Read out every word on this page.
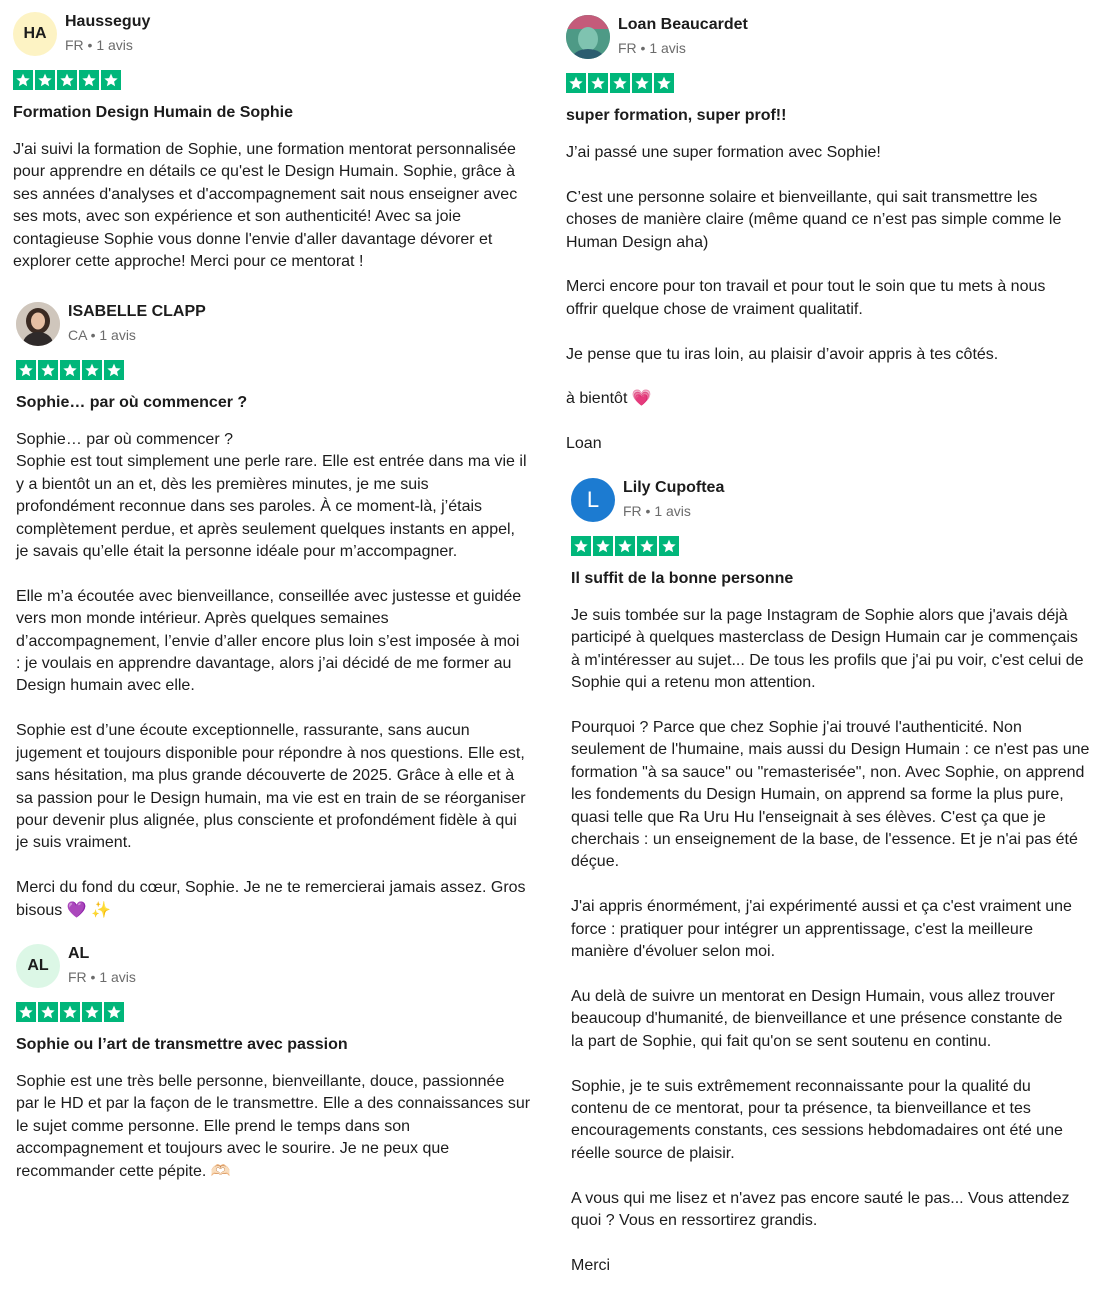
HA
Hausseguy
FR • 1 avis
Formation Design Humain de Sophie
J'ai suivi la formation de Sophie, une formation mentorat personnalisée
pour apprendre en détails ce qu'est le Design Humain. Sophie, grâce à
ses années d'analyses et d'accompagnement sait nous enseigner avec
ses mots, avec son expérience et son authenticité! Avec sa joie
contagieuse Sophie vous donne l'envie d'aller davantage dévorer et
explorer cette approche! Merci pour ce mentorat !
ISABELLE CLAPP
CA • 1 avis
Sophie… par où commencer ?
Sophie… par où commencer ?
Sophie est tout simplement une perle rare. Elle est entrée dans ma vie il
y a bientôt un an et, dès les premières minutes, je me suis
profondément reconnue dans ses paroles. À ce moment-là, j’étais
complètement perdue, et après seulement quelques instants en appel,
je savais qu’elle était la personne idéale pour m’accompagner.

Elle m’a écoutée avec bienveillance, conseillée avec justesse et guidée
vers mon monde intérieur. Après quelques semaines
d’accompagnement, l’envie d’aller encore plus loin s’est imposée à moi
: je voulais en apprendre davantage, alors j’ai décidé de me former au
Design humain avec elle.

Sophie est d’une écoute exceptionnelle, rassurante, sans aucun
jugement et toujours disponible pour répondre à nos questions. Elle est,
sans hésitation, ma plus grande découverte de 2025. Grâce à elle et à
sa passion pour le Design humain, ma vie est en train de se réorganiser
pour devenir plus alignée, plus consciente et profondément fidèle à qui
je suis vraiment.

Merci du fond du cœur, Sophie. Je ne te remercierai jamais assez. Gros
bisous 💜 ✨
AL
AL
FR • 1 avis
Sophie ou l’art de transmettre avec passion
Sophie est une très belle personne, bienveillante, douce, passionnée
par le HD et par la façon de le transmettre. Elle a des connaissances sur
le sujet comme personne. Elle prend le temps dans son
accompagnement et toujours avec le sourire. Je ne peux que
recommander cette pépite. 🫶🏻
Loan Beaucardet
FR • 1 avis
super formation, super prof!!
J’ai passé une super formation avec Sophie!

C’est une personne solaire et bienveillante, qui sait transmettre les
choses de manière claire (même quand ce n’est pas simple comme le
Human Design aha)

Merci encore pour ton travail et pour tout le soin que tu mets à nous
offrir quelque chose de vraiment qualitatif.

Je pense que tu iras loin, au plaisir d’avoir appris à tes côtés.

à bientôt 💗

Loan
L	Lily Cupoftea
FR • 1 avis
Il suffit de la bonne personne
Je suis tombée sur la page Instagram de Sophie alors que j'avais déjà
participé à quelques masterclass de Design Humain car je commençais
à m'intéresser au sujet... De tous les profils que j'ai pu voir, c'est celui de
Sophie qui a retenu mon attention.

Pourquoi ? Parce que chez Sophie j'ai trouvé l'authenticité. Non
seulement de l'humaine, mais aussi du Design Humain : ce n'est pas une
formation "à sa sauce" ou "remasterisée", non. Avec Sophie, on apprend
les fondements du Design Humain, on apprend sa forme la plus pure,
quasi telle que Ra Uru Hu l'enseignait à ses élèves. C'est ça que je
cherchais : un enseignement de la base, de l'essence. Et je n'ai pas été
déçue.

J'ai appris énormément, j'ai expérimenté aussi et ça c'est vraiment une
force : pratiquer pour intégrer un apprentissage, c'est la meilleure
manière d'évoluer selon moi.

Au delà de suivre un mentorat en Design Humain, vous allez trouver
beaucoup d'humanité, de bienveillance et une présence constante de
la part de Sophie, qui fait qu'on se sent soutenu en continu.

Sophie, je te suis extrêmement reconnaissante pour la qualité du
contenu de ce mentorat, pour ta présence, ta bienveillance et tes
encouragements constants, ces sessions hebdomadaires ont été une
réelle source de plaisir.

A vous qui me lisez et n'avez pas encore sauté le pas... Vous attendez
quoi ? Vous en ressortirez grandis.

Merci
